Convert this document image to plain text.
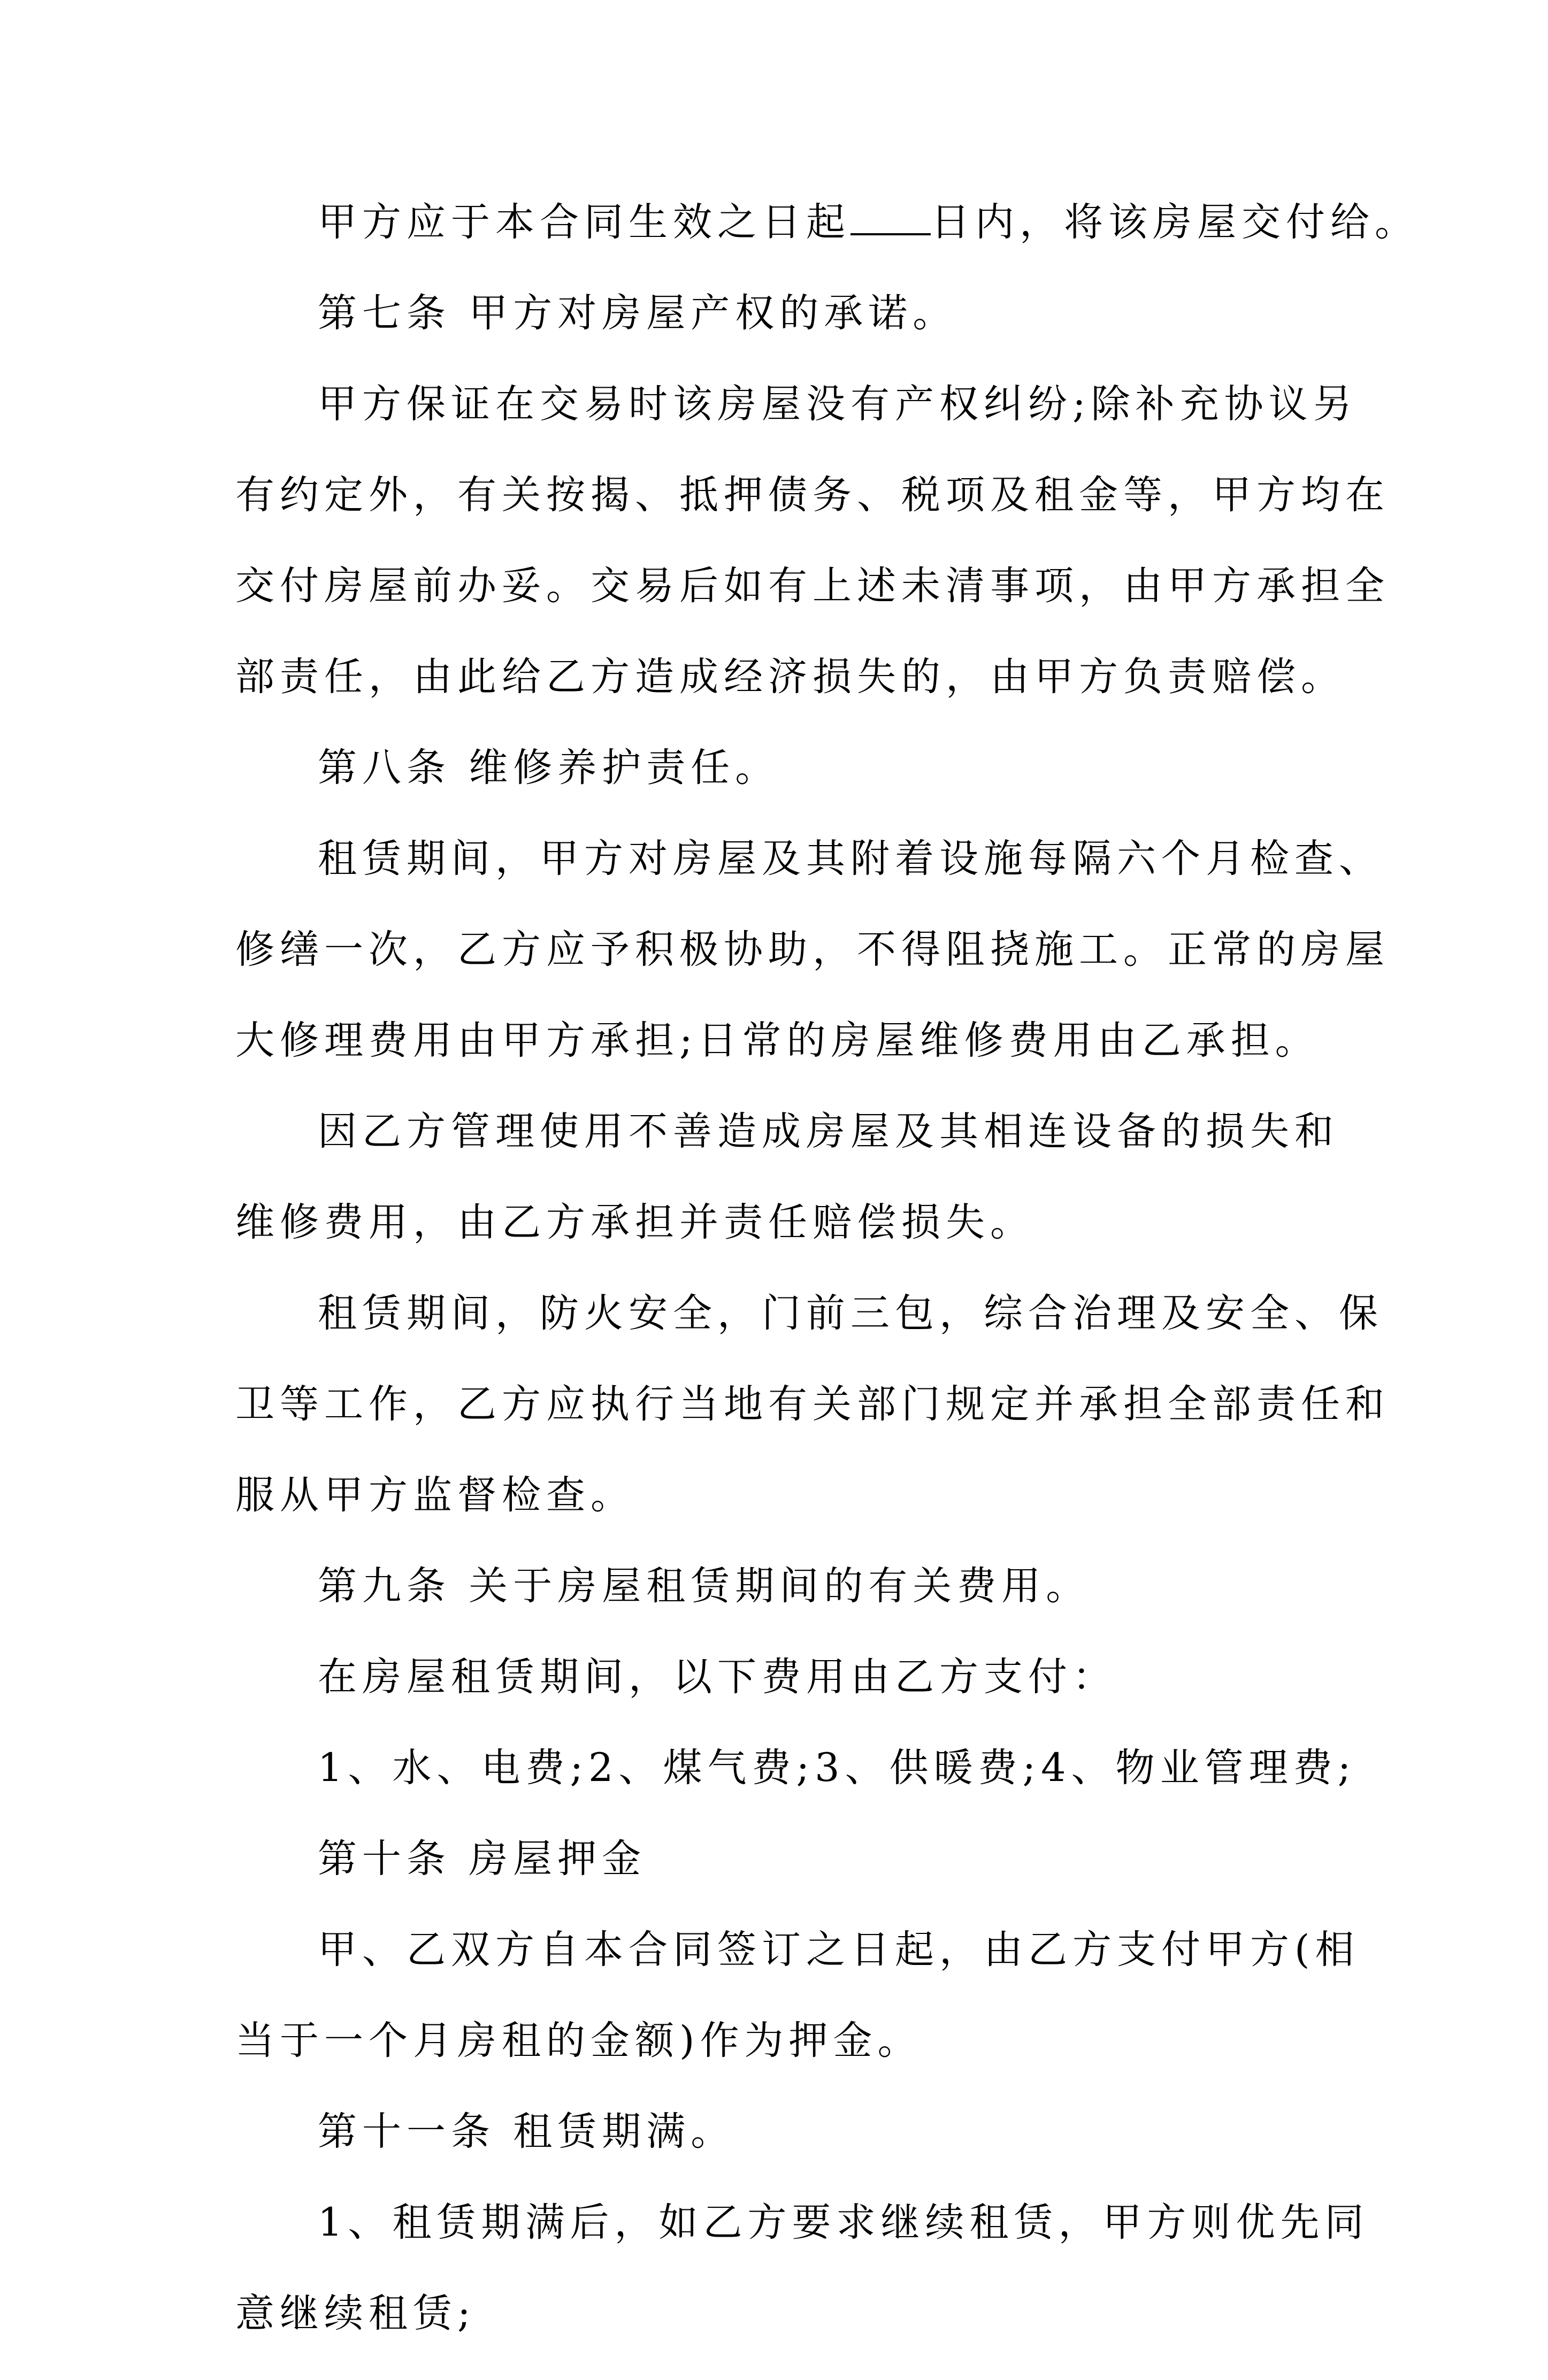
甲方应于本合同生效之日起 日内，将该房屋交付给。
第七条 甲方对房屋产权的承诺。
甲方保证在交易时该房屋没有产权纠纷;除补充协议另
有约定外，有关按揭、抵押债务、税项及租金等，甲方均在
交付房屋前办妥。交易后如有上述未清事项，由甲方承担全
部责任，由此给乙方造成经济损失的，由甲方负责赔偿。
第八条 维修养护责任。
租赁期间，甲方对房屋及其附着设施每隔六个月检查、
修缮一次，乙方应予积极协助，不得阻挠施工。正常的房屋
大修理费用由甲方承担;日常的房屋维修费用由乙承担。
因乙方管理使用不善造成房屋及其相连设备的损失和
维修费用，由乙方承担并责任赔偿损失。
租赁期间，防火安全，门前三包，综合治理及安全、保
卫等工作，乙方应执行当地有关部门规定并承担全部责任和
服从甲方监督检查。
第九条 关于房屋租赁期间的有关费用。
在房屋租赁期间，以下费用由乙方支付：
1、水、电费;2、煤气费;3、供暖费;4、物业管理费;
第十条 房屋押金
甲、乙双方自本合同签订之日起，由乙方支付甲方(相
当于一个月房租的金额)作为押金。
第十一条 租赁期满。
1、租赁期满后，如乙方要求继续租赁，甲方则优先同
意继续租赁;
